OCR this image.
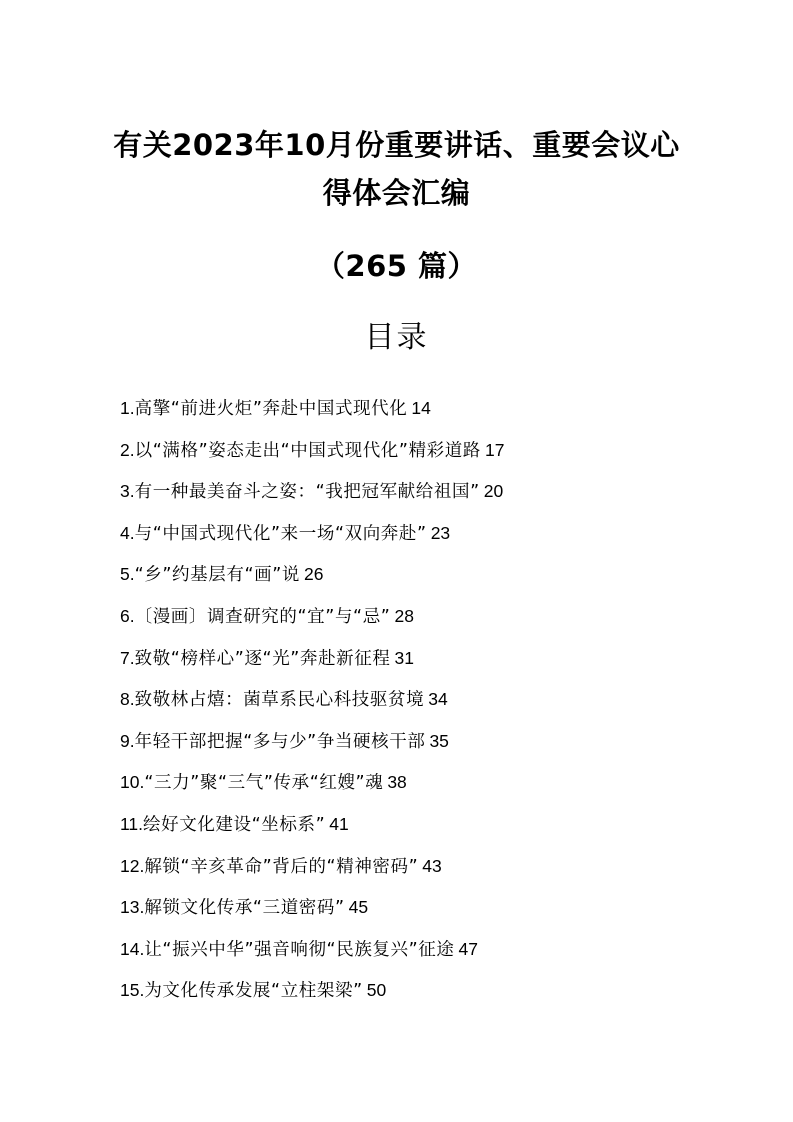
有关2023年10月份重要讲话、重要会议心
得体会汇编
（265 篇）
目录
1.高擎“前进火炬”奔赴中国式现代化 14
2.以“满格”姿态走出“中国式现代化”精彩道路 17
3.有一种最美奋斗之姿：“我把冠军献给祖国” 20
4.与“中国式现代化”来一场“双向奔赴” 23
5.“乡”约基层有“画”说 26
6.〔漫画〕调查研究的“宜”与“忌” 28
7.致敬“榜样心”逐“光”奔赴新征程 31
8.致敬林占熺：菌草系民心科技驱贫境 34
9.年轻干部把握“多与少”争当硬核干部 35
10.“三力”聚“三气”传承“红嫂”魂 38
11.绘好文化建设“坐标系” 41
12.解锁“辛亥革命”背后的“精神密码” 43
13.解锁文化传承“三道密码” 45
14.让“振兴中华”强音响彻“民族复兴”征途 47
15.为文化传承发展“立柱架梁” 50
